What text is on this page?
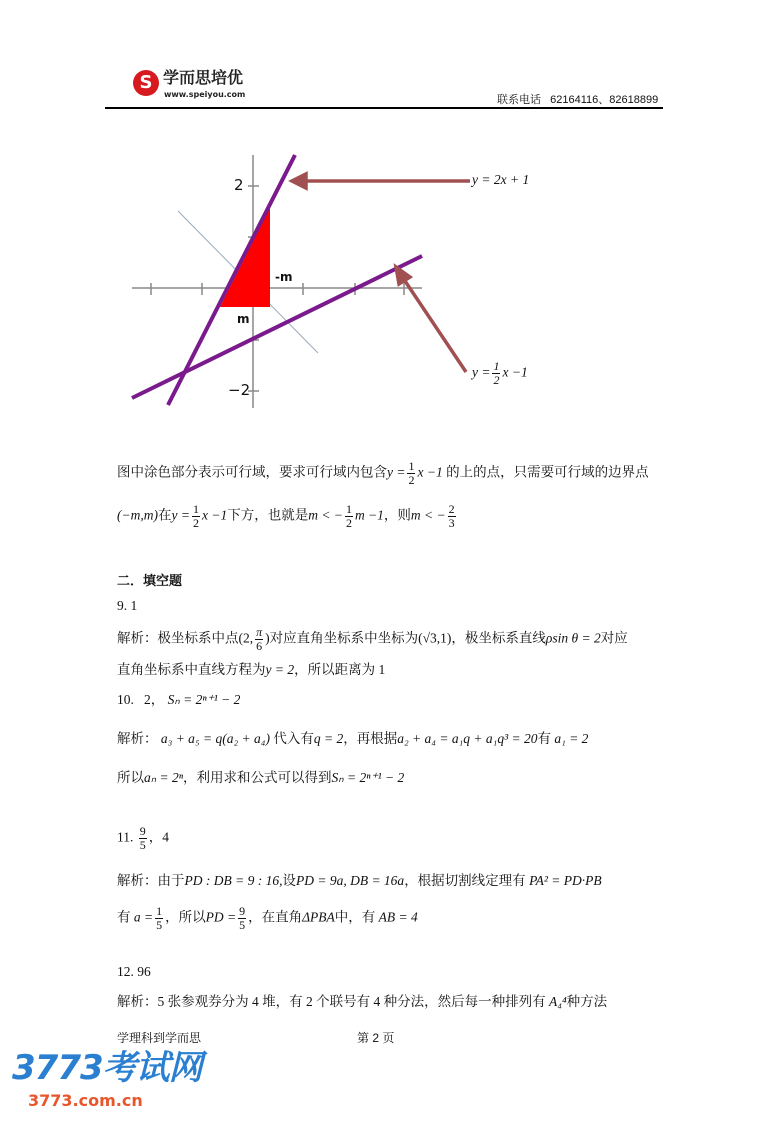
S 学而思培优
www.speiyou.com	联系电话 62164116、82618899
2
−2
-m
m
y = 2x + 1
$y = \frac{1}{2}$ x −1
图中涂色部分表示可行域，要求可行域内包含$y = \frac{1}{2}$ x −1 的上的点，只需要可行域的边界点
(−m,m)在$y = \frac{1}{2}$ x −1下方，也就是m < − $\frac{1}{2}$ m −1，则m < − $\frac{2}{3}$
二．填空题
9. 1
解析：极坐标系中点(2, $\frac{\pi}{6}$ )对应直角坐标系中坐标为(√3,1)，极坐标系直线ρsin θ = 2对应
直角坐标系中直线方程为y = 2，所以距离为 1
10. 2， Sₙ = 2ⁿ⁺¹ − 2
解析： a₃ + a₅ = q(a₂ + a₄) 代入有q = 2，再根据a₂ + a₄ = a₁q + a₁q³ = 20有 a₁ = 2
所以aₙ = 2ⁿ，利用求和公式可以得到Sₙ = 2ⁿ⁺¹ − 2
11. $\frac{9}{5}$ ，4
解析：由于PD : DB = 9 : 16,设PD = 9a, DB = 16a，根据切割线定理有 PA² = PD·PB
有 $a = \frac{1}{5}$ ，所以PD = $\frac{9}{5}$ ，在直角ΔPBA中，有 AB = 4
12. 96
解析：5 张参观券分为 4 堆，有 2 个联号有 4 种分法，然后每一种排列有 A₄⁴种方法
学理科到学而思	第 2 页
3773考试网
3773.com.cn
